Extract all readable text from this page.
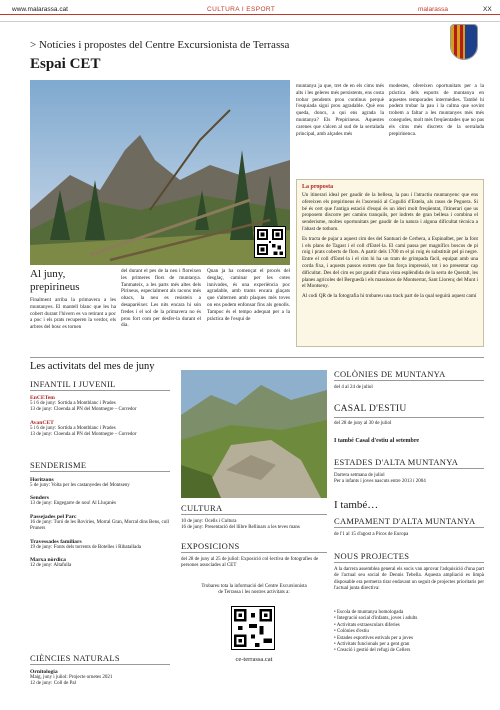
www.malarassa.cat	CULTURA I ESPORT	malarassa	XX
> Notícies i propostes del Centre Excursionista de Terrassa
Espai CET
Al juny,
prepirineus
Finalment arriba la primavera a les muntanyes. El mantell blanc que les ha cobert durant l'hivern es va retirant a poc a poc i els prats recuperen la verdor, els arbres del bosc es tornen
del durant el pes de la neu i floreixen les primeres flors de muntanya. Tanmateix, a les parts més altes dels Pirineus, especialment als racons més obacs, la neu es resisteix a desaparèixer. Les nits encara hi són fredes i el sol de la primavera no és prou fort com per desfer-la durant el dia.
Quan ja ha començat el procés del desglaç, caminar per les cotes innivades, és una experiència poc agradable, amb trams encara glaçats que s'alternen amb plaques més toves on ens podem enfonsar fins als genolls. Tampoc és el tempo adequat per a la pràctica de l'esquí de
muntanya ja que, tret de en els cims més alts i les geleres més persistents, ens costa trobar pendents prou continus perquè l'esquiada sigui prou agradable. Què ens queda, doncs, a qui ens agrada la muntanya? Els Prepirineus. Aquestes carenes que s'alcen al sud de la serralada principal, amb alçades més
modestes, ofereixen oportunitats per a la pràctica dels esports de muntanya en aquestes temporades intermèdies. També hi podem trobar la pau i la calma que sovint trobem a faltar a les muntanyes més més conegudes, molt més freqüentades que no pas els cims més discrets de la serralada prepirinenca.
La proposta
Un itinerari ideal per gaudir de la bellesa, la pau i l'atractiu muntanyenc que ens ofereixen els prepirineus és l'ascensió al Cogulló d'Estela, als rasos de Peguera. Si bé és cert que l'antiga estació d'esquí és un ideri molt freqüentat, l'itinerari que us proposem discorre per camins tranquils, per indrets de gran bellesa i combina el senderisme, moltes oportunitats per gaudir de la natura i alguna dificultat tècnica a l'abast de tothom.
Es tracta de pujar a aquest cim des del Santuari de Cerbera, a Espinalbet, per la font i els plans de Tagast i el coll d'Estel·la. El camí passa per magnífics boscos de pi roig i prats coberts de flors. A partir dels 1700 m el pi roig és substituït pel pi negre. Entre el coll d'Estel·la i el cim hi ha un tram de grimpada fàcil, equipat amb una corda fixa, i aquests passos extrets que fan força impressió, tot i no presentar cap dificultat. Des del cim es pot gaudir d'una vista esplèndida de la serra de Queralt, les planes agrícoles del Berguedà i els massissos de Montserrat, Sant Llorenç del Munt i el Montseny.
Al codi QR de la fotografia hi trobareu una track part de la qual seguirà aquest camí
Les activitats del mes de juny
INFANTIL I JUVENIL
EnCETem
5 i 6 de juny: Sortida a Montblanc i Prades
13 de juny: Cloenda al PN del Montnegre – Corredor
AvanCET
5 i 6 de juny: Sortida a Montblanc i Prades
13 de juny: Cloenda al PN del Montnegre – Corredor
SENDERISME
Horitzons
5 de juny: Volta per les castanyedes del Montseny
Senders
13 de juny: Engegarre de nou! Al Lluçanès
Passejades pel Parc
16 de juny: Turó de les Roviries, Morral Gran, Morral dins Bens, coll Pruners
Travessades familiars
19 de juny: Fonts dels torrents de Botelles i Ribatallada
Marxa nòrdica
12 de juny: Altafulla
CIÈNCIES NATURALS
Ornitologia
Maig, juny i juliol: Projecte ornetes 2021
12 de juny: Coll de Pal
CULTURA
10 de juny: Ocells i Cultura
16 de juny: Presentació del llibre Rellinars a les teves mans
EXPOSICIONS
del 28 de juny al 25 de juliol: Exposició col·lectiva de fotografies de persones associades al CET
Trobareu tota la informació del Centre Excursionista de Terrassa i les nostres activitats a:
ce-terrassa.cat
COLÒNIES DE MUNTANYA
del 4 al 24 de juliol
CASAL D'ESTIU
del 28 de juny al 30 de juliol
I també Casal d'estiu al setembre
ESTADES D'ALTA MUNTANYA
Darrera setmana de juliol
Per a infants i joves nascuts entre 2013 i 2004
I també…
CAMPAMENT D'ALTA MUNTANYA
de l'1 al 15 d'agost a Picos de Europa
NOUS PROJECTES
A la darrera assemblea general els socis van aprovar l'adquisició d'una part de l'actual seu social de Dennis Tebella. Aquesta ampliació es limpà disposable era permetra tirar endavant un seguit de projectes prioritaris per l'actual junta directiva:
• Escola de muntanya homologada
• Integració social d'infants, joves i adults
• Activitats extraescolars diferies
• Colònies d'estiu
• Estades esportives estivals per a joves
• Activitats funcionals per a gent gran
• Creació i gestió del refugi de Cellers
